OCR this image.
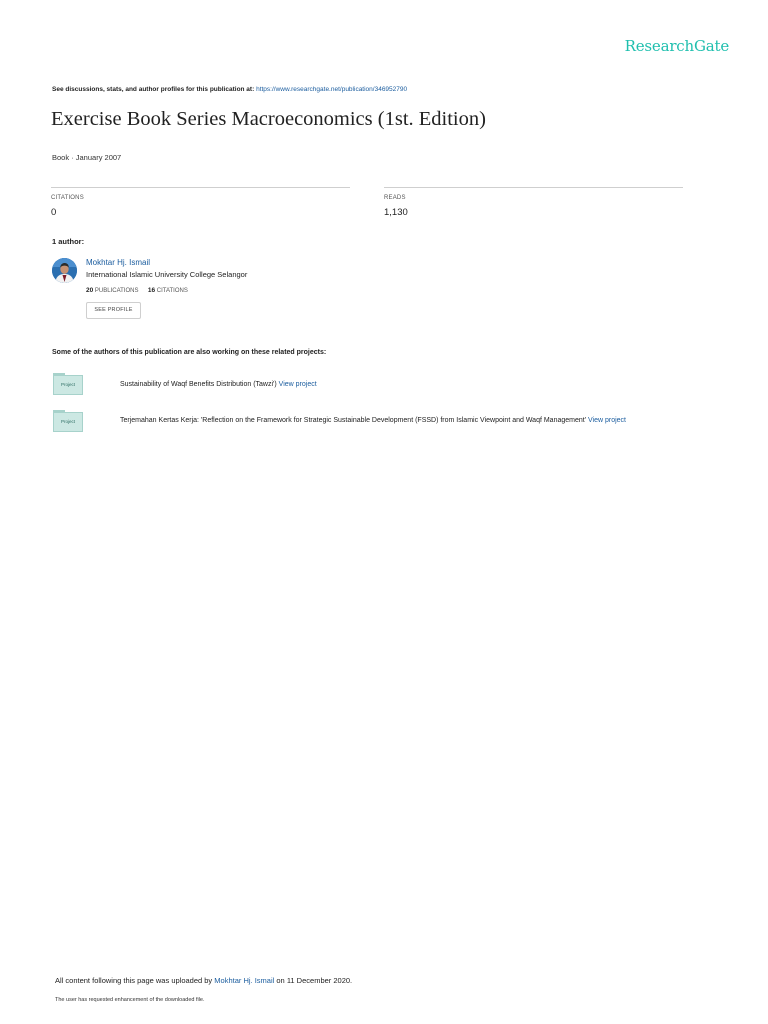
ResearchGate
See discussions, stats, and author profiles for this publication at: https://www.researchgate.net/publication/346952790
Exercise Book Series Macroeconomics (1st. Edition)
Book · January 2007
CITATIONS
0
READS
1,130
1 author:
Mokhtar Hj. Ismail
International Islamic University College Selangor
20 PUBLICATIONS 16 CITATIONS
SEE PROFILE
Some of the authors of this publication are also working on these related projects:
Project	Sustainability of Waqf Benefits Distribution (Tawzi') View project
Project	Terjemahan Kertas Kerja: 'Reflection on the Framework for Strategic Sustainable Development (FSSD) from Islamic Viewpoint and Waqf Management' View project
All content following this page was uploaded by Mokhtar Hj. Ismail on 11 December 2020.
The user has requested enhancement of the downloaded file.
